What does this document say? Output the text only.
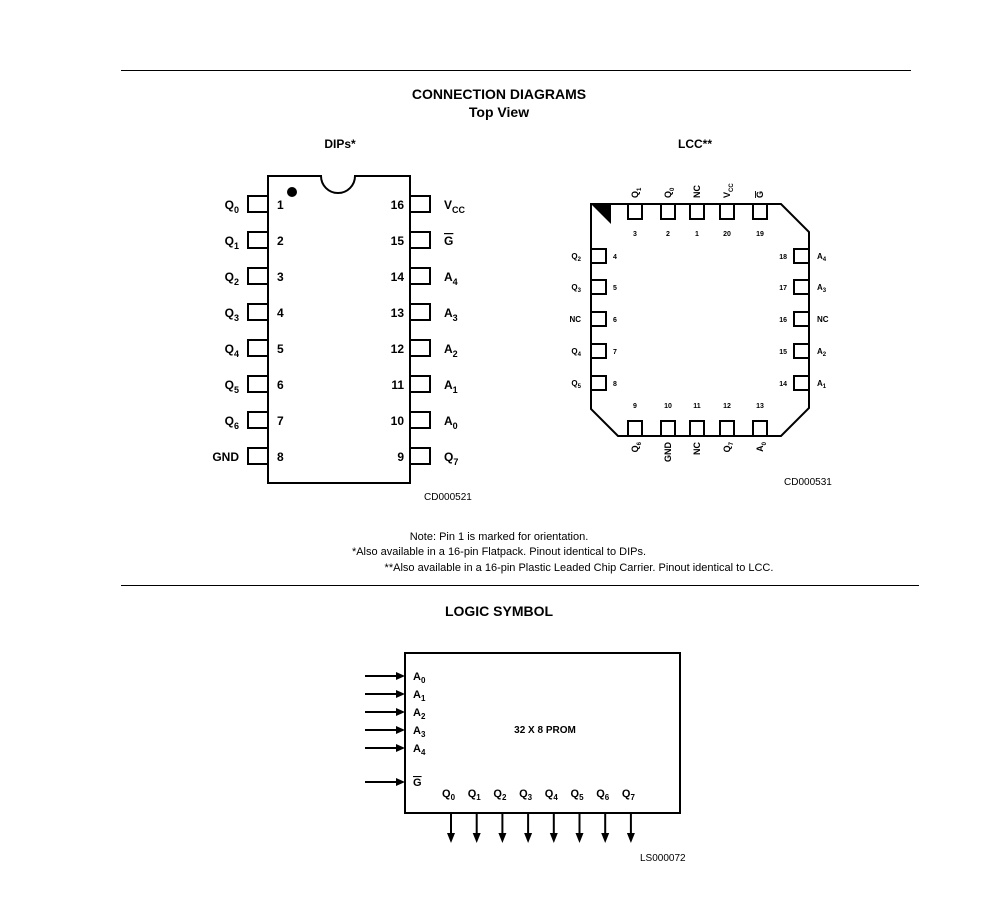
CONNECTION DIAGRAMS
Top View
DIPs*	LCC**
1
$Q_0$
2
$Q_1$
3
$Q_2$
4
$Q_3$
5
$Q_4$
6
$Q_5$
7
$Q_6$
8
GND
16	$V_{CC}$
15	G
14	$A_4$
13	$A_3$
12	$A_2$
11	$A_1$
10	$A_0$
9	$Q_7$
CD000521
3
$Q_1$
2
$Q_0$
1
NC
20
$V_{CC}$
19
G
9
$Q_6$
10
GND
11
NC
12
$Q_7$
13
$A_0$
4
$Q_2$
5
$Q_3$
6
NC
7
$Q_4$
8
$Q_5$
18	$A_4$
17	$A_3$
16	NC
15	$A_2$
14	$A_1$
CD000531
Note: Pin 1 is marked for orientation.
*Also available in a 16-pin Flatpack. Pinout identical to DIPs.
**Also available in a 16-pin Plastic Leaded Chip Carrier. Pinout identical to LCC.
LOGIC SYMBOL
32 X 8 PROM
$A_0$
$A_1$
$A_2$
$A_3$
$A_4$
G
$Q_0$ $Q_1$ $Q_2$ $Q_3$ $Q_4$ $Q_5$ $Q_6$ $Q_7$
LS000072
